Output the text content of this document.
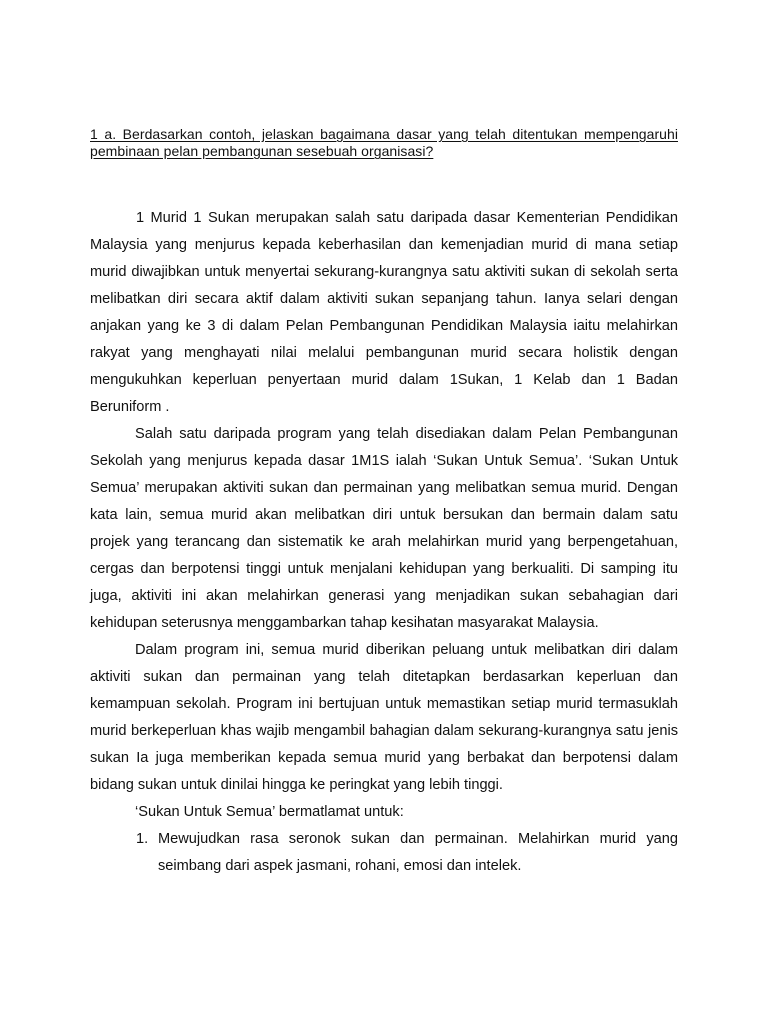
1 a. Berdasarkan contoh, jelaskan bagaimana dasar yang telah ditentukan mempengaruhi pembinaan pelan pembangunan sesebuah organisasi?

1 Murid 1 Sukan merupakan salah satu daripada dasar Kementerian Pendidikan Malaysia yang menjurus kepada keberhasilan dan kemenjadian murid di mana setiap murid diwajibkan untuk menyertai sekurang-kurangnya satu aktiviti sukan di sekolah serta melibatkan diri secara aktif dalam aktiviti sukan sepanjang tahun. Ianya selari dengan anjakan yang ke 3 di dalam Pelan Pembangunan Pendidikan Malaysia iaitu melahirkan rakyat yang menghayati nilai melalui pembangunan murid secara holistik dengan mengukuhkan keperluan penyertaan murid dalam 1Sukan, 1 Kelab dan 1 Badan Beruniform .

Salah satu daripada program yang telah disediakan dalam Pelan Pembangunan Sekolah yang menjurus kepada dasar 1M1S ialah ‘Sukan Untuk Semua’. ‘Sukan Untuk Semua’ merupakan aktiviti sukan dan permainan yang melibatkan semua murid. Dengan kata lain, semua murid akan melibatkan diri untuk bersukan dan bermain dalam satu projek yang terancang dan sistematik ke arah melahirkan murid yang berpengetahuan, cergas dan berpotensi tinggi untuk menjalani kehidupan yang berkualiti. Di samping itu juga, aktiviti ini akan melahirkan generasi yang menjadikan sukan sebahagian dari kehidupan seterusnya menggambarkan tahap kesihatan masyarakat Malaysia.

Dalam program ini, semua murid diberikan peluang untuk melibatkan diri dalam aktiviti sukan dan permainan yang telah ditetapkan berdasarkan keperluan dan kemampuan sekolah. Program ini bertujuan untuk memastikan setiap murid termasuklah murid berkeperluan khas wajib mengambil bahagian dalam sekurang-kurangnya satu jenis sukan Ia juga memberikan kepada semua murid yang berbakat dan berpotensi dalam bidang sukan untuk dinilai hingga ke peringkat yang lebih tinggi.

‘Sukan Untuk Semua’ bermatlamat untuk:

1. Mewujudkan rasa seronok sukan dan permainan. Melahirkan murid yang seimbang dari aspek jasmani, rohani, emosi dan intelek.
